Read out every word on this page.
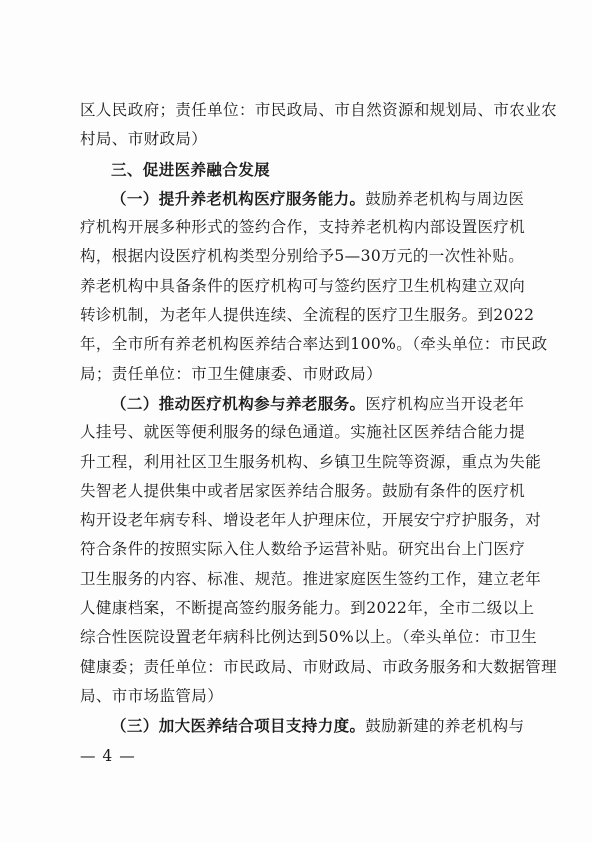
区人民政府；责任单位：市民政局、市自然资源和规划局、市农业农
村局、市财政局）
三、促进医养融合发展
（一）提升养老机构医疗服务能力。鼓励养老机构与周边医
疗机构开展多种形式的签约合作，支持养老机构内部设置医疗机
构，根据内设医疗机构类型分别给予5—30万元的一次性补贴。
养老机构中具备条件的医疗机构可与签约医疗卫生机构建立双向
转诊机制，为老年人提供连续、全流程的医疗卫生服务。到2022
年，全市所有养老机构医养结合率达到100%。（牵头单位：市民政
局；责任单位：市卫生健康委、市财政局）
（二）推动医疗机构参与养老服务。医疗机构应当开设老年
人挂号、就医等便利服务的绿色通道。实施社区医养结合能力提
升工程，利用社区卫生服务机构、乡镇卫生院等资源，重点为失能
失智老人提供集中或者居家医养结合服务。鼓励有条件的医疗机
构开设老年病专科、增设老年人护理床位，开展安宁疗护服务，对
符合条件的按照实际入住人数给予运营补贴。研究出台上门医疗
卫生服务的内容、标准、规范。推进家庭医生签约工作，建立老年
人健康档案，不断提高签约服务能力。到2022年，全市二级以上
综合性医院设置老年病科比例达到50%以上。（牵头单位：市卫生
健康委；责任单位：市民政局、市财政局、市政务服务和大数据管理
局、市市场监管局）
（三）加大医养结合项目支持力度。鼓励新建的养老机构与
— 4 —
